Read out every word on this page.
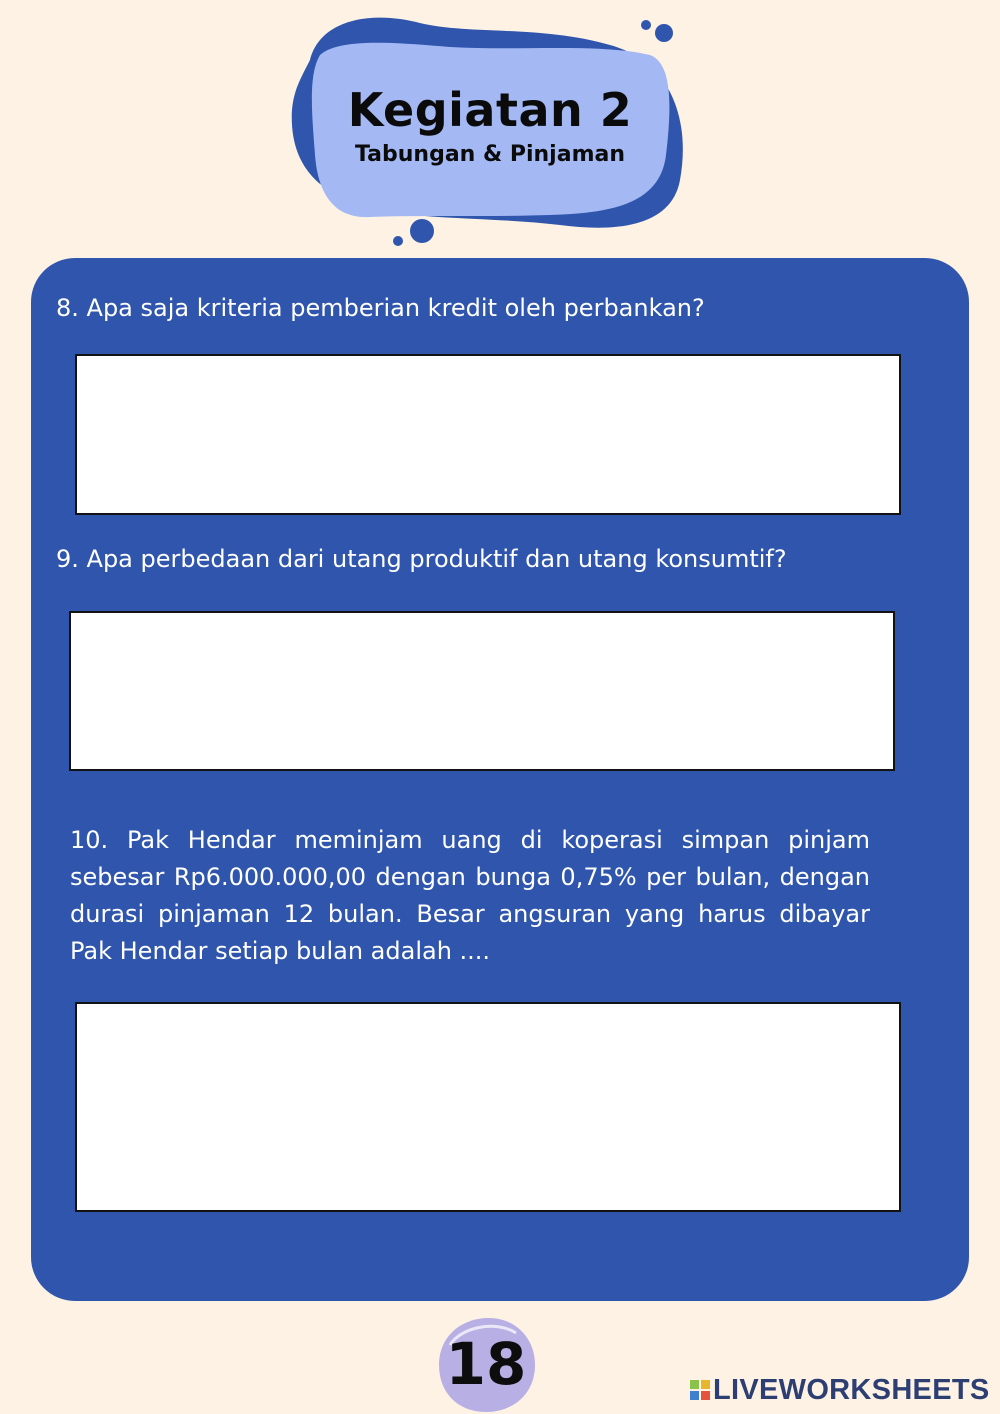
Kegiatan 2
Tabungan & Pinjaman
8. Apa saja kriteria pemberian kredit oleh perbankan?
9. Apa perbedaan dari utang produktif dan utang konsumtif?
10. Pak Hendar meminjam uang di koperasi simpan pinjam sebesar Rp6.000.000,00 dengan bunga 0,75% per bulan, dengan durasi pinjaman 12 bulan. Besar angsuran yang harus dibayar Pak Hendar setiap bulan adalah ....
18	LIVEWORKSHEETS
